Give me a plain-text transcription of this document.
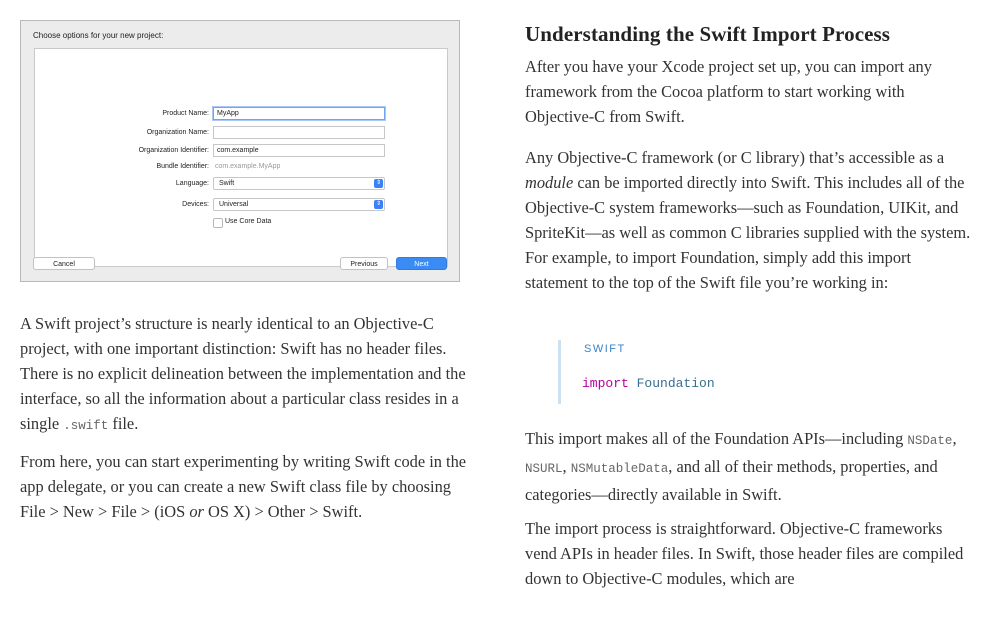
Choose options for your new project:
Product Name:	MyApp
Organization Name:
Organization Identifier:	com.example
Bundle Identifier: com.example.MyApp
Language:	Swift	⇕
Devices:	Universal	⇕
Use Core Data
Cancel	Previous	Next

A Swift project’s structure is nearly identical to an Objective-C project, with one important distinction: Swift has no header files. There is no explicit delineation between the implementation and the interface, so all the information about a particular class resides in a single .swift file.

From here, you can start experimenting by writing Swift code in the app delegate, or you can create a new Swift class file by choosing File > New > File > (iOS or OS X) > Other > Swift.

Understanding the Swift Import Process

After you have your Xcode project set up, you can import any framework from the Cocoa platform to start working with Objective-C from Swift.

Any Objective-C framework (or C library) that’s accessible as a module can be imported directly into Swift. This includes all of the Objective-C system frameworks—such as Foundation, UIKit, and SpriteKit—as well as common C libraries supplied with the system. For example, to import Foundation, simply add this import statement to the top of the Swift file you’re working in:

SWIFT
import Foundation

This import makes all of the Foundation APIs—including NSDate, NSURL, NSMutableData, and all of their methods, properties, and categories—directly available in Swift.

The import process is straightforward. Objective-C frameworks vend APIs in header files. In Swift, those header files are compiled down to Objective-C modules, which are
